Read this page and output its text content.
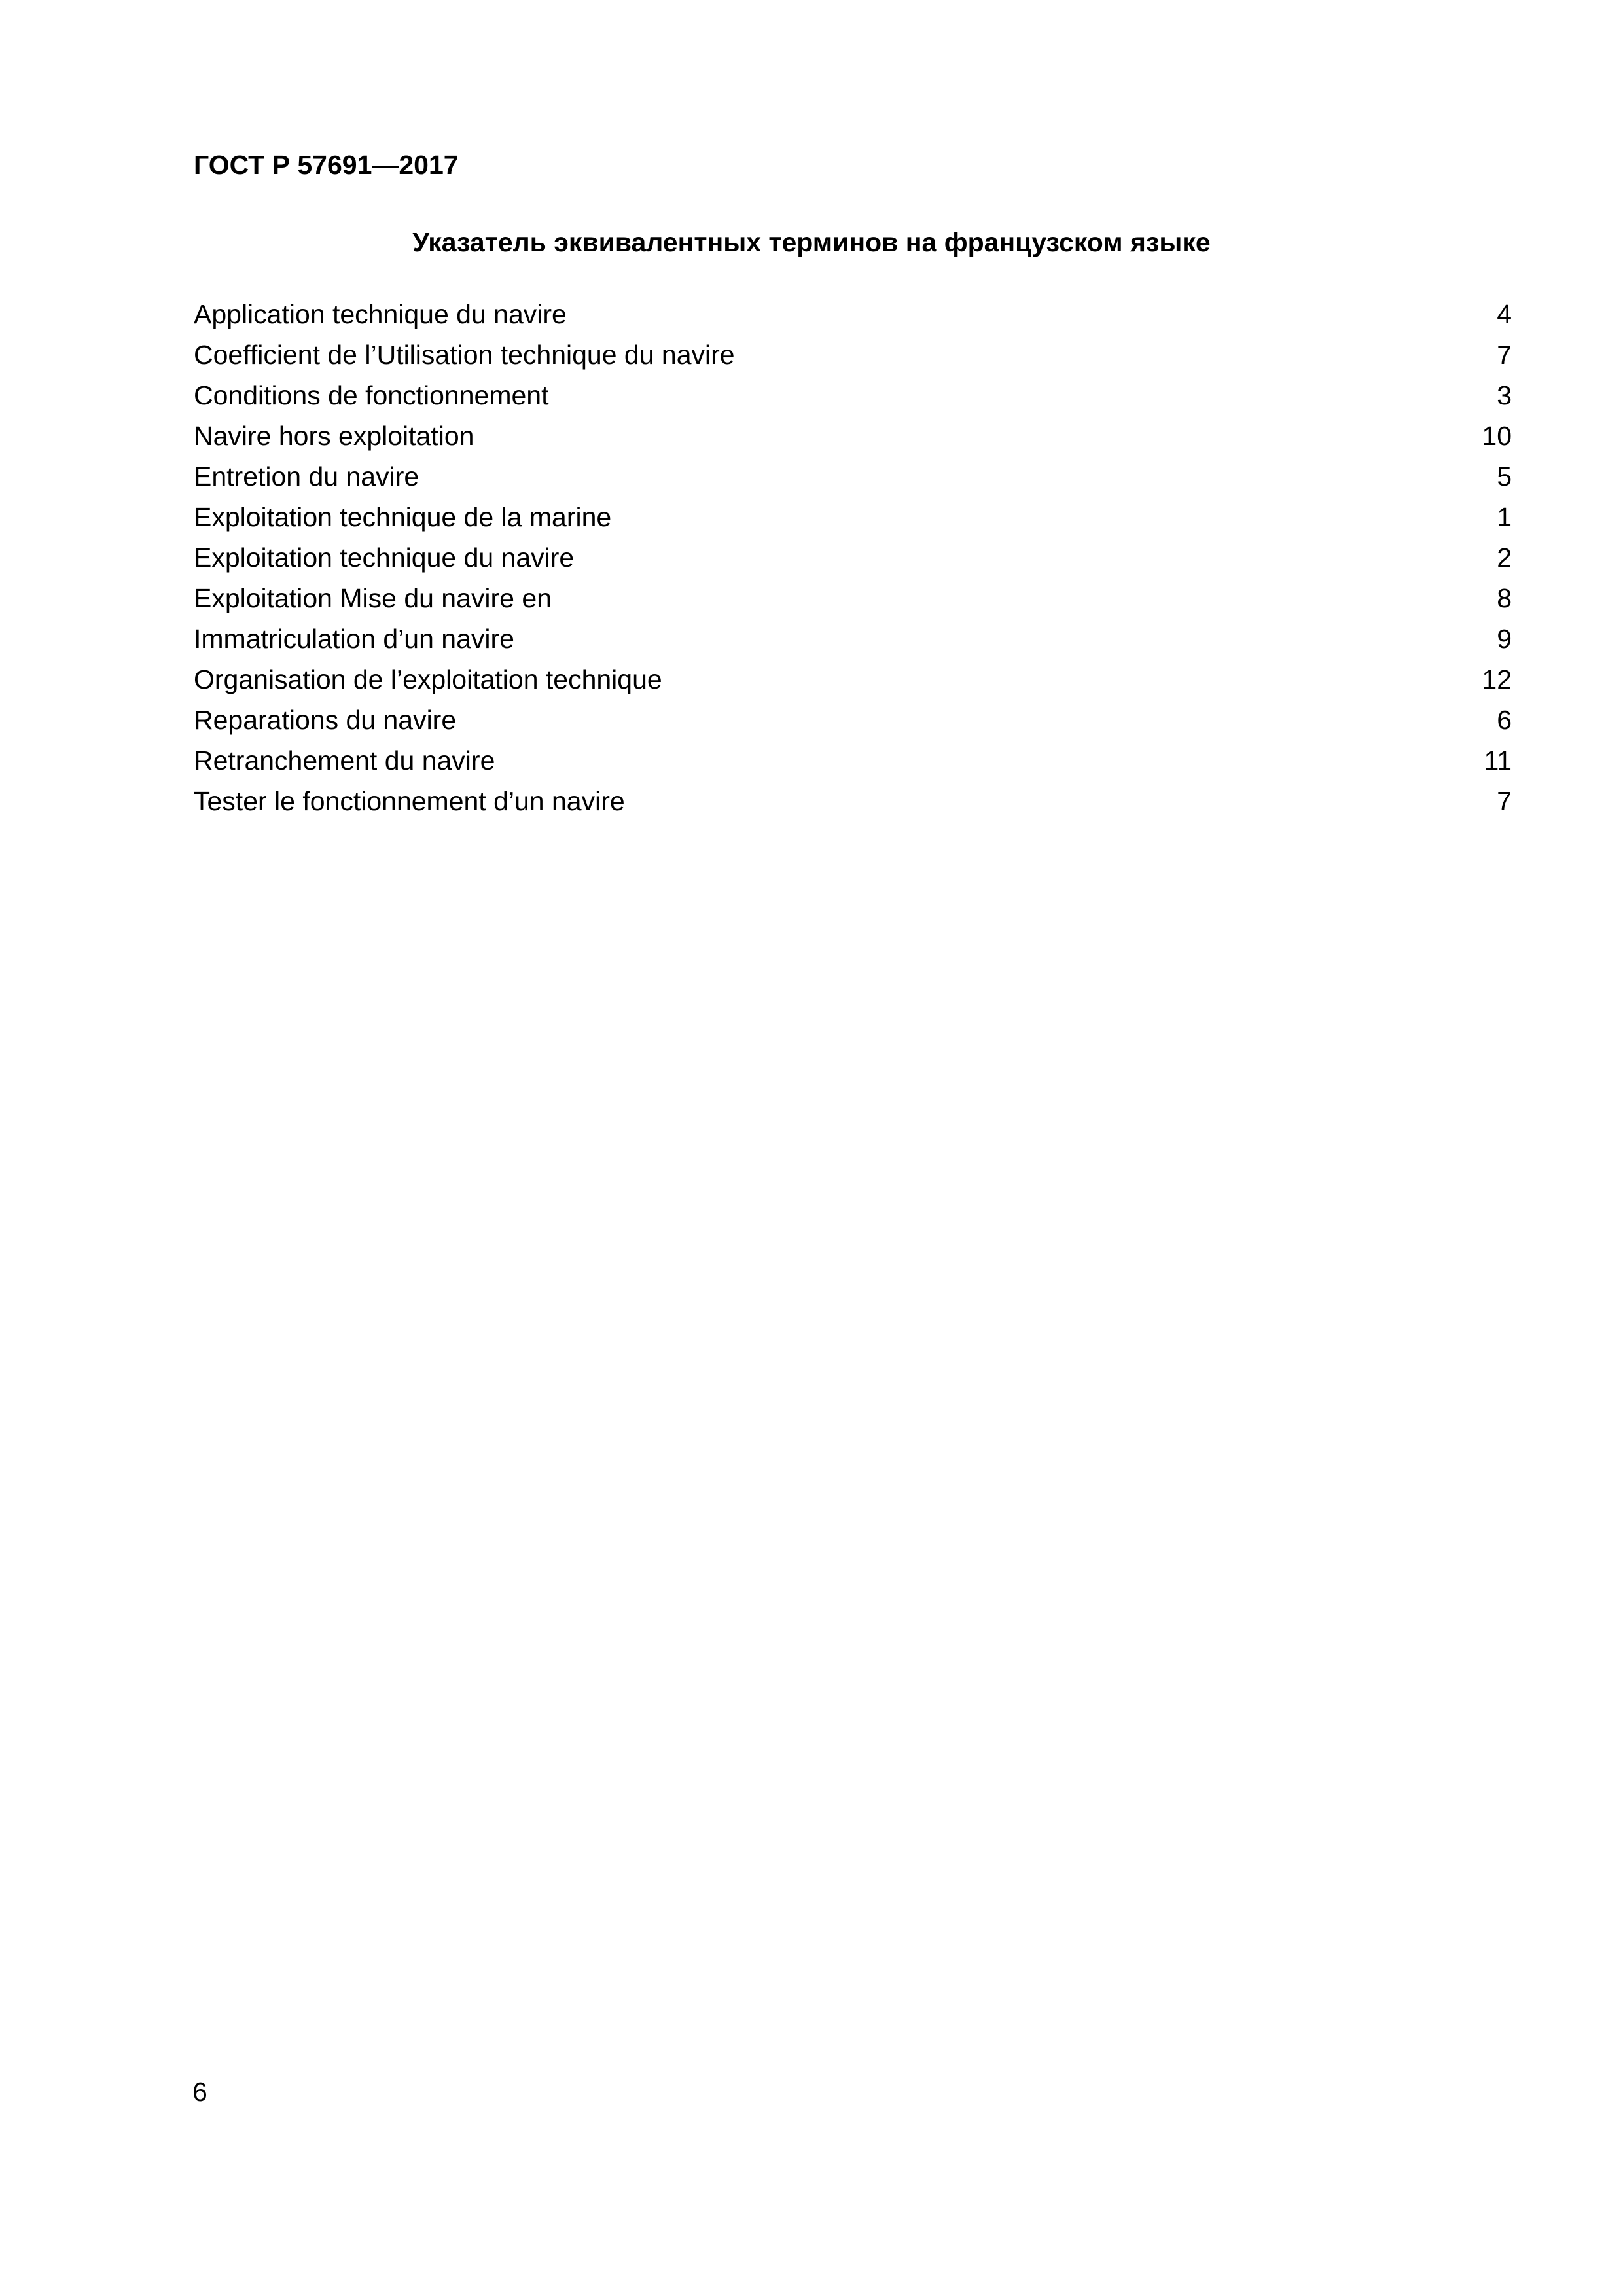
ГОСТ Р 57691—2017
Указатель эквивалентных терминов на французском языке
Application technique du navire	4
Coefficient de l’Utilisation technique du navire	7
Conditions de fonctionnement	3
Navire hors exploitation	10
Entretion du navire	5
Exploitation technique de la marine	1
Exploitation technique du navire	2
Exploitation Mise du navire en	8
Immatriculation d’un navire	9
Organisation de l’exploitation technique	12
Reparations du navire	6
Retranchement du navire	11
Tester le fonctionnement d’un navire	7
6
